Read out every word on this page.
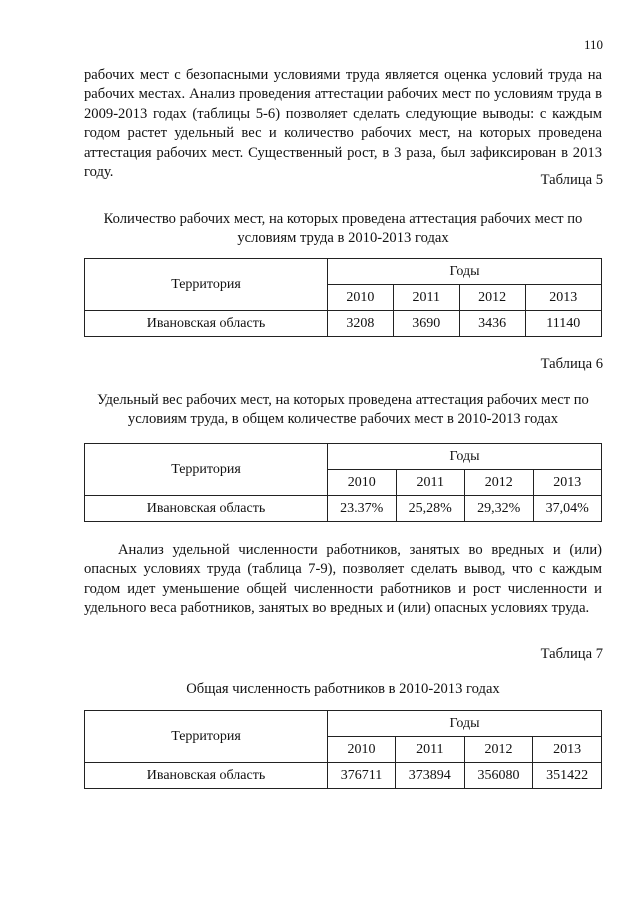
110

рабочих мест с безопасными условиями труда является оценка условий труда на рабочих местах. Анализ проведения аттестации рабочих мест по условиям труда в 2009-2013 годах (таблицы 5-6) позволяет сделать следующие выводы: с каждым годом растет удельный вес и количество рабочих мест, на которых проведена аттестация рабочих мест. Существенный рост, в 3 раза, был зафиксирован в 2013 году.	Таблица 5

Количество рабочих мест, на которых проведена аттестация рабочих мест по условиям труда в 2010-2013 годах

Территория	Годы			
	2010	2011	2012	2013
Ивановская область	3208	3690	3436	11140
Таблица 6

Удельный вес рабочих мест, на которых проведена аттестация рабочих мест по условиям труда, в общем количестве рабочих мест в 2010-2013 годах

Территория	Годы			
	2010	2011	2012	2013
Ивановская область	23.37%	25,28%	29,32%	37,04%

Анализ удельной численности работников, занятых во вредных и (или) опасных условиях труда (таблица 7-9), позволяет сделать вывод, что с каждым годом идет уменьшение общей численности работников и рост численности и удельного веса работников, занятых во вредных и (или) опасных условиях труда.

Таблица 7

Общая численность работников в 2010-2013 годах

Территория	Годы			
	2010	2011	2012	2013
Ивановская область	376711	373894	356080	351422
